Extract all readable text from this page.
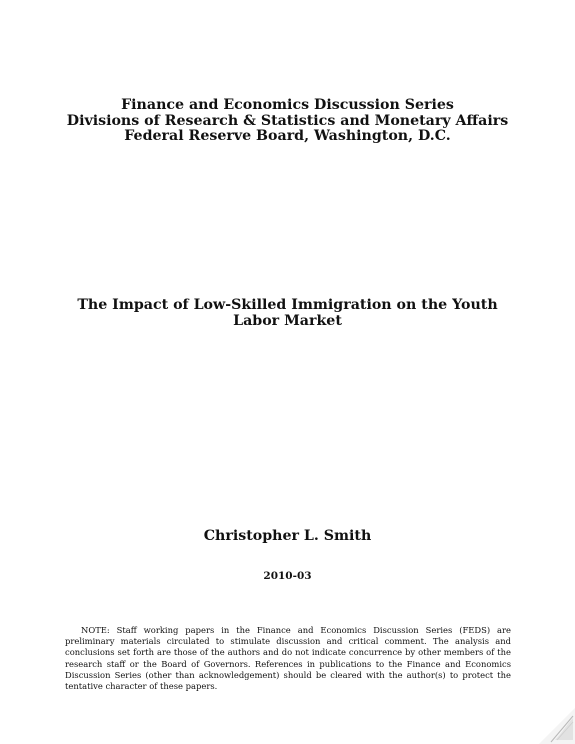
Finance and Economics Discussion Series
Divisions of Research & Statistics and Monetary Affairs
Federal Reserve Board, Washington, D.C.
The Impact of Low-Skilled Immigration on the Youth Labor Market
Christopher L. Smith
2010-03
NOTE: Staff working papers in the Finance and Economics Discussion Series (FEDS) are preliminary materials circulated to stimulate discussion and critical comment. The analysis and conclusions set forth are those of the authors and do not indicate concurrence by other members of the research staff or the Board of Governors. References in publications to the Finance and Economics Discussion Series (other than acknowledgement) should be cleared with the author(s) to protect the tentative character of these papers.
